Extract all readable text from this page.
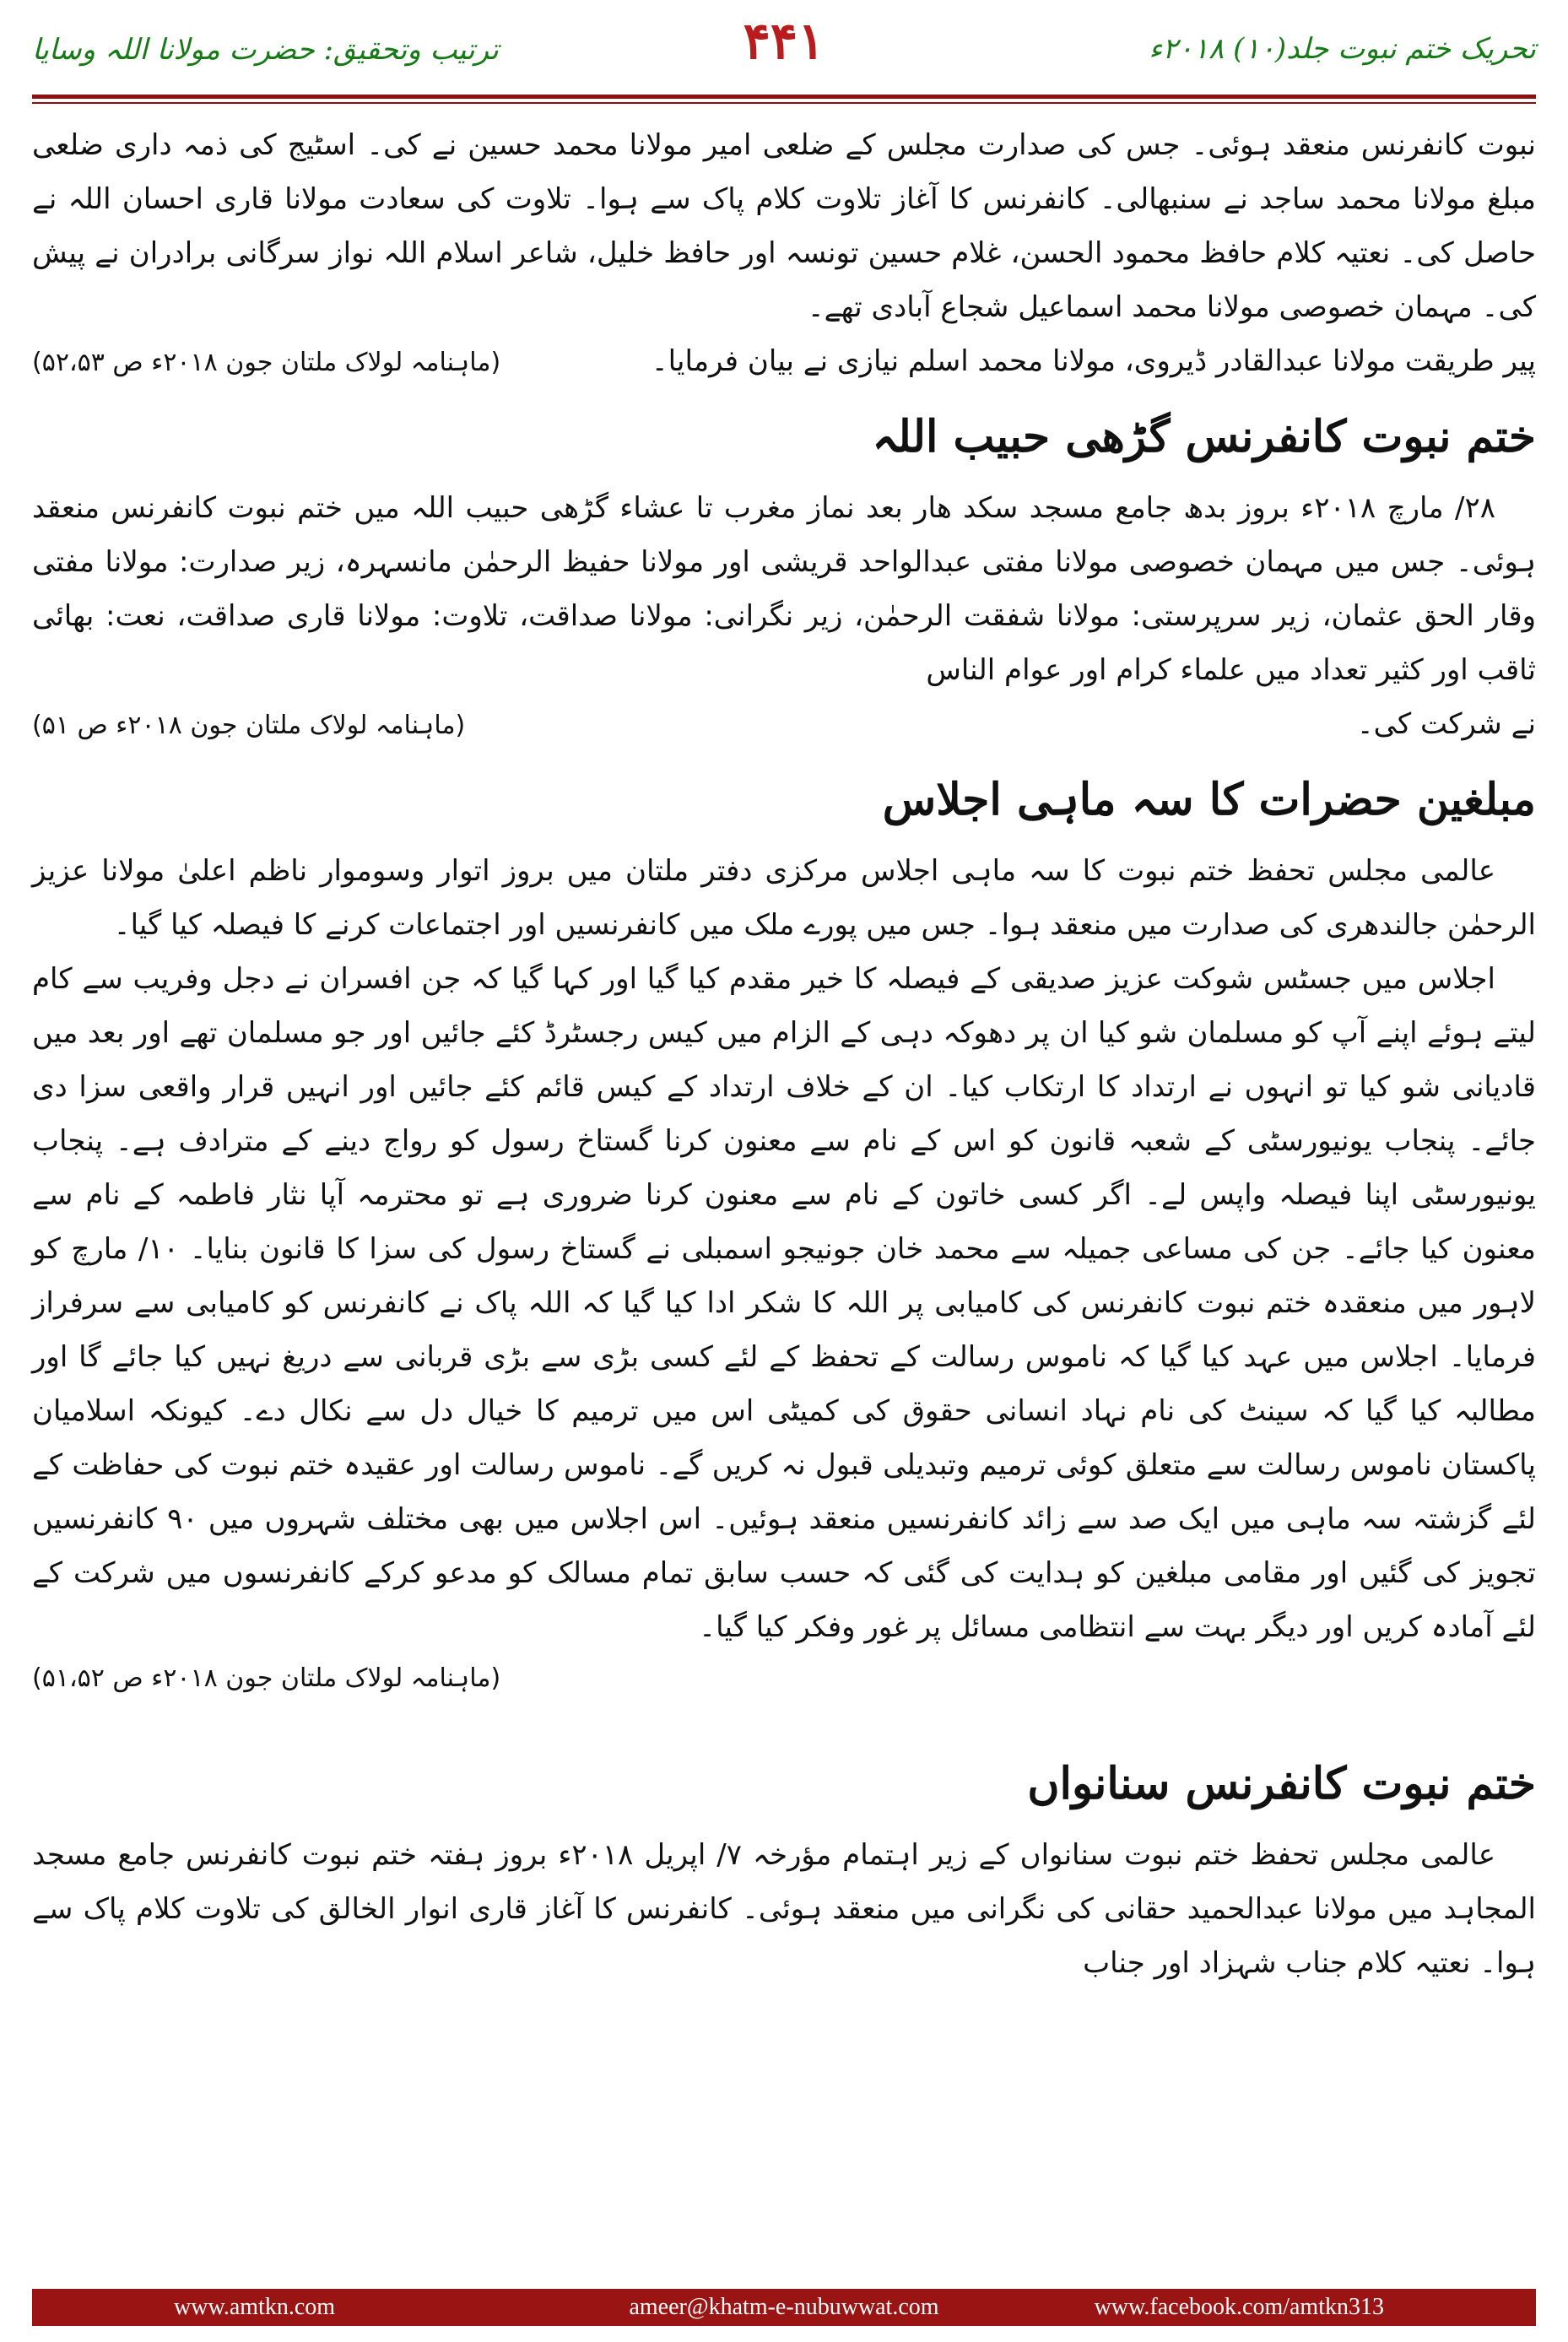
تحریک ختم نبوت جلد(۱۰) ۲۰۱۸ء
۴۴۱
ترتیب وتحقیق: حضرت مولانا اللہ وسایا

نبوت کانفرنس منعقد ہوئی۔ جس کی صدارت مجلس کے ضلعی امیر مولانا محمد حسین نے کی۔ اسٹیج کی ذمہ داری ضلعی مبلغ مولانا محمد ساجد نے سنبھالی۔ کانفرنس کا آغاز تلاوت کلام پاک سے ہوا۔ تلاوت کی سعادت مولانا قاری احسان اللہ نے حاصل کی۔ نعتیہ کلام حافظ محمود الحسن، غلام حسین تونسہ اور حافظ خلیل، شاعر اسلام اللہ نواز سرگانی برادران نے پیش کی۔ مہمان خصوصی مولانا محمد اسماعیل شجاع آبادی تھے۔

پیر طریقت مولانا عبدالقادر ڈیروی، مولانا محمد اسلم نیازی نے بیان فرمایا۔
(ماہنامہ لولاک ملتان جون ۲۰۱۸ء ص ۵۲،۵۳)
ختم نبوت کانفرنس گڑھی حبیب اللہ

۲۸/ مارچ ۲۰۱۸ء بروز بدھ جامع مسجد سکد ھار بعد نماز مغرب تا عشاء گڑھی حبیب اللہ میں ختم نبوت کانفرنس منعقد ہوئی۔ جس میں مہمان خصوصی مولانا مفتی عبدالواحد قریشی اور مولانا حفیظ الرحمٰن مانسہرہ، زیر صدارت: مولانا مفتی وقار الحق عثمان، زیر سرپرستی: مولانا شفقت الرحمٰن، زیر نگرانی: مولانا صداقت، تلاوت: مولانا قاری صداقت، نعت: بھائی ثاقب اور کثیر تعداد میں علماء کرام اور عوام الناس

نے شرکت کی۔
(ماہنامہ لولاک ملتان جون ۲۰۱۸ء ص ۵۱)
مبلغین حضرات کا سہ ماہی اجلاس

عالمی مجلس تحفظ ختم نبوت کا سہ ماہی اجلاس مرکزی دفتر ملتان میں بروز اتوار وسوموار ناظم اعلیٰ مولانا عزیز الرحمٰن جالندھری کی صدارت میں منعقد ہوا۔ جس میں پورے ملک میں کانفرنسیں اور اجتماعات کرنے کا فیصلہ کیا گیا۔

اجلاس میں جسٹس شوکت عزیز صدیقی کے فیصلہ کا خیر مقدم کیا گیا اور کہا گیا کہ جن افسران نے دجل وفریب سے کام لیتے ہوئے اپنے آپ کو مسلمان شو کیا ان پر دھوکہ دہی کے الزام میں کیس رجسٹرڈ کئے جائیں اور جو مسلمان تھے اور بعد میں قادیانی شو کیا تو انہوں نے ارتداد کا ارتکاب کیا۔ ان کے خلاف ارتداد کے کیس قائم کئے جائیں اور انہیں قرار واقعی سزا دی جائے۔ پنجاب یونیورسٹی کے شعبہ قانون کو اس کے نام سے معنون کرنا گستاخ رسول کو رواج دینے کے مترادف ہے۔ پنجاب یونیورسٹی اپنا فیصلہ واپس لے۔ اگر کسی خاتون کے نام سے معنون کرنا ضروری ہے تو محترمہ آپا نثار فاطمہ کے نام سے معنون کیا جائے۔ جن کی مساعی جمیلہ سے محمد خان جونیجو اسمبلی نے گستاخ رسول کی سزا کا قانون بنایا۔ ۱۰/ مارچ کو لاہور میں منعقدہ ختم نبوت کانفرنس کی کامیابی پر اللہ کا شکر ادا کیا گیا کہ اللہ پاک نے کانفرنس کو کامیابی سے سرفراز فرمایا۔ اجلاس میں عہد کیا گیا کہ ناموس رسالت کے تحفظ کے لئے کسی بڑی سے بڑی قربانی سے دریغ نہیں کیا جائے گا اور مطالبہ کیا گیا کہ سینٹ کی نام نہاد انسانی حقوق کی کمیٹی اس میں ترمیم کا خیال دل سے نکال دے۔ کیونکہ اسلامیان پاکستان ناموس رسالت سے متعلق کوئی ترمیم وتبدیلی قبول نہ کریں گے۔ ناموس رسالت اور عقیدہ ختم نبوت کی حفاظت کے لئے گزشتہ سہ ماہی میں ایک صد سے زائد کانفرنسیں منعقد ہوئیں۔ اس اجلاس میں بھی مختلف شہروں میں ۹۰ کانفرنسیں تجویز کی گئیں اور مقامی مبلغین کو ہدایت کی گئی کہ حسب سابق تمام مسالک کو مدعو کرکے کانفرنسوں میں شرکت کے لئے آمادہ کریں اور دیگر بہت سے انتظامی مسائل پر غور وفکر کیا گیا۔

(ماہنامہ لولاک ملتان جون ۲۰۱۸ء ص ۵۱،۵۲)

ختم نبوت کانفرنس سنانواں

عالمی مجلس تحفظ ختم نبوت سنانواں کے زیر اہتمام مؤرخہ ۷/ اپریل ۲۰۱۸ء بروز ہفتہ ختم نبوت کانفرنس جامع مسجد المجاہد میں مولانا عبدالحمید حقانی کی نگرانی میں منعقد ہوئی۔ کانفرنس کا آغاز قاری انوار الخالق کی تلاوت کلام پاک سے ہوا۔ نعتیہ کلام جناب شہزاد اور جناب

www.amtkn.com	ameer@khatm-e-nubuwwat.com	www.facebook.com/amtkn313
